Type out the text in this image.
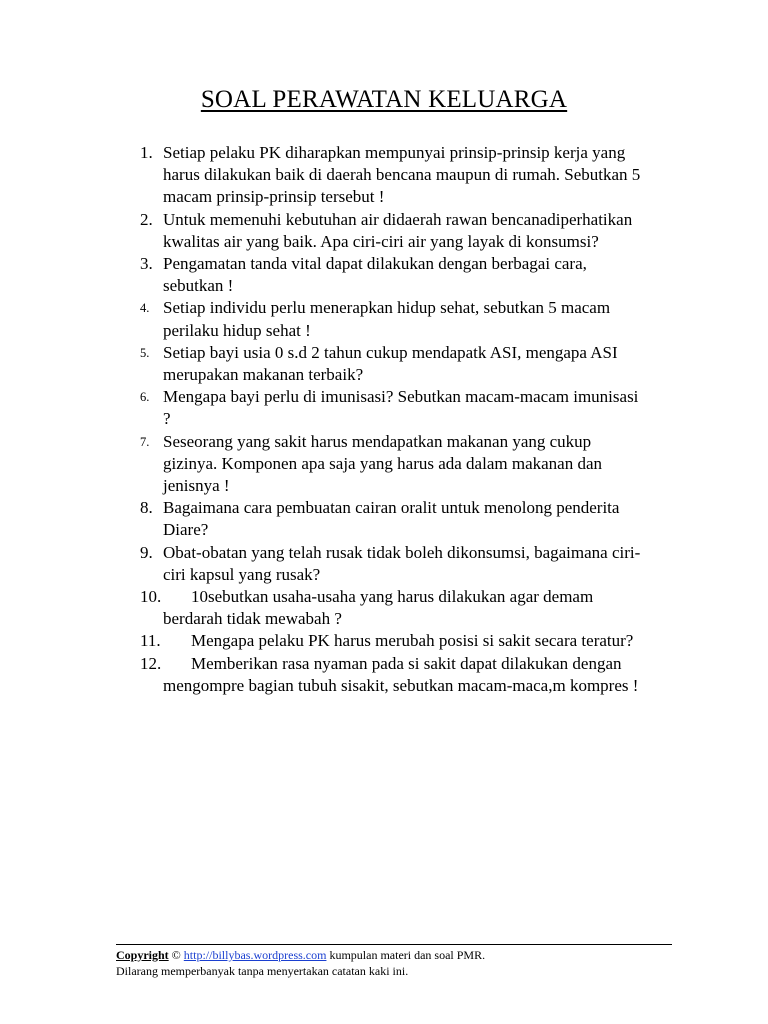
SOAL PERAWATAN KELUARGA
1. Setiap pelaku PK diharapkan mempunyai prinsip-prinsip kerja yang harus dilakukan baik di daerah bencana maupun di rumah. Sebutkan 5 macam prinsip-prinsip tersebut !
2. Untuk memenuhi kebutuhan air didaerah rawan bencanadiperhatikan kwalitas air yang baik. Apa ciri-ciri air yang layak di konsumsi?
3. Pengamatan tanda vital dapat dilakukan dengan berbagai cara, sebutkan !
4. Setiap individu perlu menerapkan hidup sehat, sebutkan 5 macam perilaku hidup sehat !
5. Setiap bayi usia 0 s.d 2 tahun cukup mendapatk ASI, mengapa ASI merupakan makanan terbaik?
6. Mengapa bayi perlu di imunisasi? Sebutkan macam-macam imunisasi ?
7. Seseorang yang sakit harus mendapatkan makanan yang cukup gizinya. Komponen apa saja yang harus ada dalam makanan dan jenisnya !
8. Bagaimana cara pembuatan cairan oralit untuk menolong penderita Diare?
9. Obat-obatan yang telah rusak tidak boleh dikonsumsi, bagaimana ciri-ciri kapsul yang rusak?
10.	10sebutkan usaha-usaha yang harus dilakukan agar demam berdarah tidak mewabah ?
11.	Mengapa pelaku PK harus merubah posisi si sakit secara teratur?
12.	Memberikan rasa nyaman pada si sakit dapat dilakukan dengan mengompre bagian tubuh sisakit, sebutkan macam-maca,m kompres !
Copyright © http://billybas.wordpress.com kumpulan materi dan soal PMR.
Dilarang memperbanyak tanpa menyertakan catatan kaki ini.
